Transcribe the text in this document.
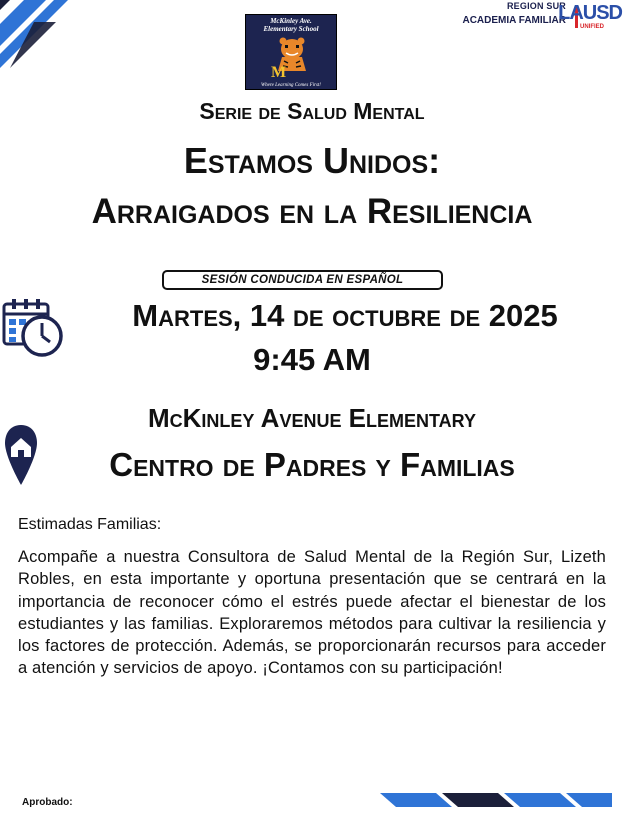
McKinley Ave.
Elementary School
M
Where Learning Comes First!
REGION SUR
ACADEMIA FAMILIAR
LAUSD
UNIFIED
Serie de Salud Mental
Estamos Unidos:
Arraigados en la Resiliencia
SESIÓN CONDUCIDA EN ESPAÑOL
Martes, 14 de octubre de 2025
9:45 AM
McKinley Avenue Elementary
Centro de Padres y Familias
Estimadas Familias:
Acompañe a nuestra Consultora de Salud Mental de la Región Sur, Lizeth Robles, en esta importante y oportuna presentación que se centrará en la importancia de reconocer cómo el estrés puede afectar el bienestar de los estudiantes y las familias. Exploraremos métodos para cultivar la resiliencia y los factores de protección. Además, se proporcionarán recursos para acceder a atención y servicios de apoyo. ¡Contamos con su participación!
Aprobado:
